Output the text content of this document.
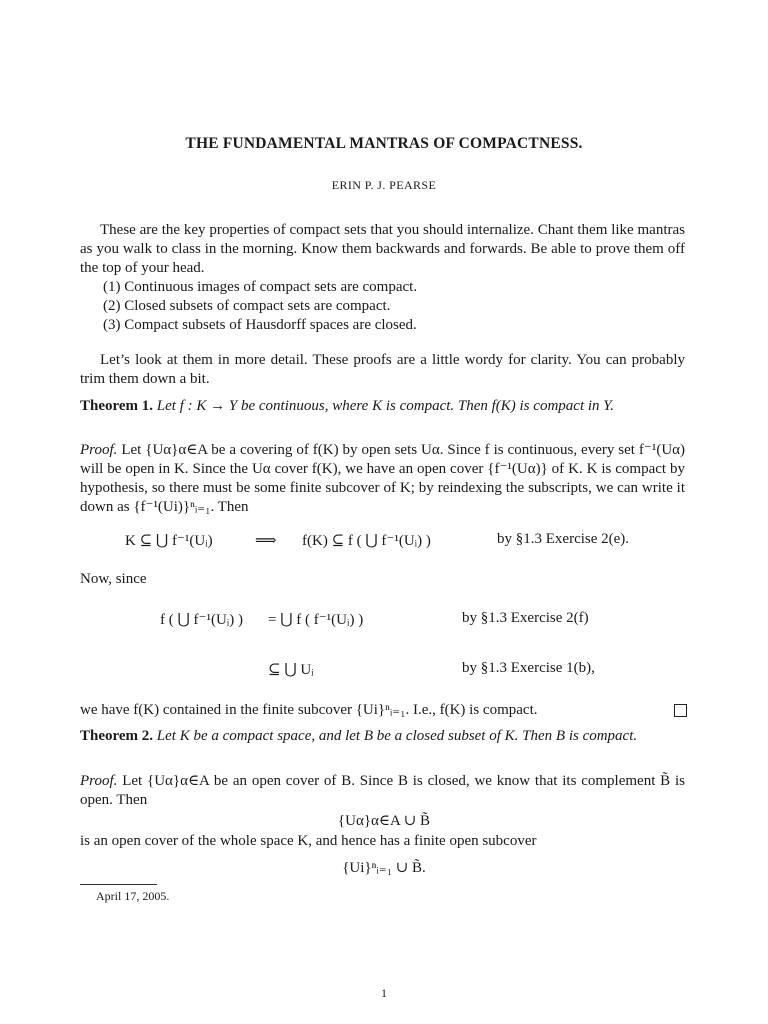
THE FUNDAMENTAL MANTRAS OF COMPACTNESS.
ERIN P. J. PEARSE
These are the key properties of compact sets that you should internalize. Chant them like mantras as you walk to class in the morning. Know them backwards and forwards. Be able to prove them off the top of your head.
(1) Continuous images of compact sets are compact.
(2) Closed subsets of compact sets are compact.
(3) Compact subsets of Hausdorff spaces are closed.
Let’s look at them in more detail. These proofs are a little wordy for clarity. You can probably trim them down a bit.
Theorem 1. Let f : K → Y be continuous, where K is compact. Then f(K) is compact in Y.
Proof. Let {Uα}α∈A be a covering of f(K) by open sets Uα. Since f is continuous, every set f⁻¹(Uα) will be open in K. Since the Uα cover f(K), we have an open cover {f⁻¹(Uα)} of K. K is compact by hypothesis, so there must be some finite subcover of K; by reindexing the subscripts, we can write it down as {f⁻¹(Ui)}ⁿᵢ₌₁. Then
K ⊆ ⋃ f⁻¹(Uᵢ)	⟹ f(K) ⊆ f ( ⋃ f⁻¹(Uᵢ) )	by §1.3 Exercise 2(e).
Now, since
f ( ⋃ f⁻¹(Uᵢ) ) = ⋃ f ( f⁻¹(Uᵢ) )	by §1.3 Exercise 2(f)
⊆ ⋃ Uᵢ	by §1.3 Exercise 1(b),
we have f(K) contained in the finite subcover {Ui}ⁿᵢ₌₁. I.e., f(K) is compact.
Theorem 2. Let K be a compact space, and let B be a closed subset of K. Then B is compact.
Proof. Let {Uα}α∈A be an open cover of B. Since B is closed, we know that its complement B̃ is open. Then
{Uα}α∈A ∪ B̃
is an open cover of the whole space K, and hence has a finite open subcover
{Ui}ⁿᵢ₌₁ ∪ B̃.
April 17, 2005.
1
